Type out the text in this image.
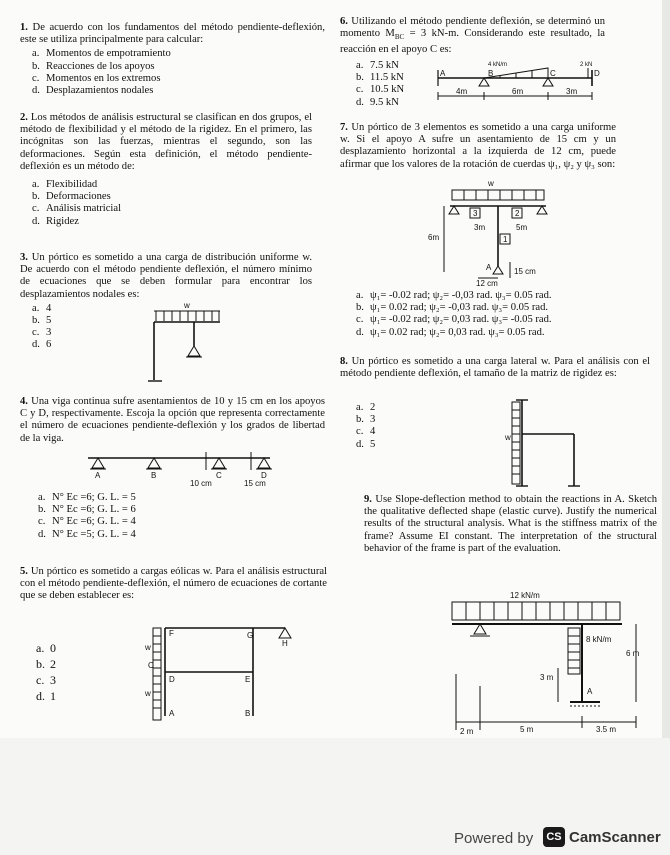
1. De acuerdo con los fundamentos del método pendiente-deflexión, este se utiliza principalmente para calcular:
a. Momentos de empotramiento
b. Reacciones de los apoyos
c. Momentos en los extremos
d. Desplazamientos nodales
2. Los métodos de análisis estructural se clasifican en dos grupos, el método de flexibilidad y el método de la rigidez. En el primero, las incógnitas son las fuerzas, mientras el segundo, son las deformaciones. Según esta definición, el método pendiente-deflexión es un método de:
a. Flexibilidad
b. Deformaciones
c. Análisis matricial
d. Rigidez
3. Un pórtico es sometido a una carga de distribución uniforme w. De acuerdo con el método pendiente deflexión, el número mínimo de ecuaciones que se deben formular para encontrar los desplazamientos nodales es:
a. 4
b. 5
c. 3
d. 6
w
4. Una viga continua sufre asentamientos de 10 y 15 cm en los apoyos C y D, respectivamente. Escoja la opción que representa correctamente el número de ecuaciones pendiente-deflexión y los grados de libertad de la viga.
A	B	C	D
10 cm	15 cm
a. N° Ec =6; G. L. = 5
b. N° Ec =6; G. L. = 6
c. N° Ec =6; G. L. = 4
d. N° Ec =5; G. L. = 4
5. Un pórtico es sometido a cargas eólicas w. Para el análisis estructural con el método pendiente-deflexión, el número de ecuaciones de cortante que se deben establecer es:
a. 0
b. 2
c. 3
d. 1
F	G
H
C
D	E
A	B
w
w
6. Utilizando el método pendiente deflexión, se determinó un momento $M_{BC} = 3$ kN-m. Considerando este resultado, la reacción en el apoyo C es:
a. 7.5 kN
b. 11.5 kN
c. 10.5 kN
d. 9.5 kN
4 kN/m	2 kN
A	B	C	D
4m	6m	3m
7. Un pórtico de 3 elementos es sometido a una carga uniforme w. Si el apoyo A sufre un asentamiento de 15 cm y un desplazamiento horizontal a la izquierda de 12 cm, puede afirmar que los valores de la rotación de cuerdas ψ₁, ψ₂ y ψ₃ son:
w
3	2
1
3m	5m
6m
A	15 cm
12 cm
a. ψ₁= -0.02 rad; ψ₂= -0,03 rad. ψ₃= 0.05 rad.
b. ψ₁= 0.02 rad; ψ₂= -0,03 rad. ψ₃= 0.05 rad.
c. ψ₁= -0.02 rad; ψ₂= 0,03 rad. ψ₃= -0.05 rad.
d. ψ₁= 0.02 rad; ψ₂= 0,03 rad. ψ₃= 0.05 rad.
8. Un pórtico es sometido a una carga lateral w. Para el análisis con el método pendiente deflexión, el tamaño de la matriz de rigidez es:
a. 2
b. 3
c. 4
d. 5
w
9. Use Slope-deflection method to obtain the reactions in A. Sketch the qualitative deflected shape (elastic curve). Justify the numerical results of the structural analysis. What is the stiffness matrix of the frame? Assume EI constant. The interpretation of the structural behavior of the frame is part of the evaluation.
12 kN/m
8 kN/m
A
6 m
3 m
2 m	5 m	3.5 m
Powered by	CS CamScanner
